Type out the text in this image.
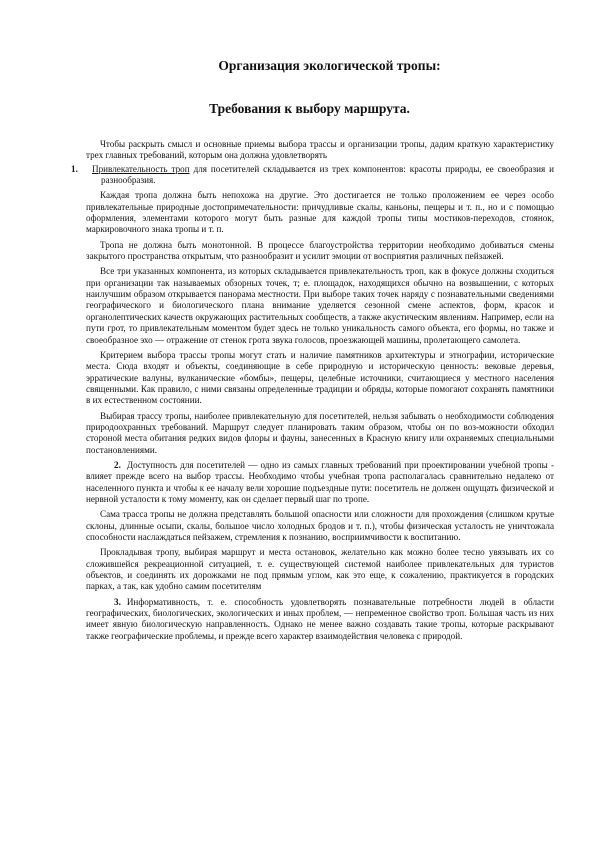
Организация экологической тропы:
Требования к выбору маршрута.

Чтобы раскрыть смысл и основные приемы выбора трассы и организации тропы, дадим краткую характеристику трех главных требований, которым она должна удовлетворять

1. Привлекательность троп для посетителей складывается из трех компонентов: красоты природы, ее своеобразия и разнообразия.

Каждая тропа должна быть непохожа на другие. Это достигается не только проложением ее через особо привлекательные природные достопримечательности: причудливые скалы, каньоны, пещеры и т. п., но и с помощью оформления, элементами которого могут быть разные для каждой тропы типы мостиков-переходов, стоянок, маркировочного знака тропы и т. п.

Тропа не должна быть монотонной. В процессе благоустройства территории необходимо добиваться смены закрытого пространства открытым, что разнообразит и усилит эмоции от восприятия различных пейзажей.

Все три указанных компонента, из которых складывается привлекательность троп, как в фокусе должны сходиться при организации так называемых обзорных точек, т; е. площадок, находящихся обычно на возвышении, с которых наилучшим образом открывается панорама местности. При выборе таких точек наряду с познавательными сведениями географического и биологического плана внимание уделяется сезонной смене аспектов, форм, красок и органолептических качеств окружающих растительных сообществ, а также акустическим явлениям. Например, если на пути грот, то привлекательным моментом будет здесь не только уникальность самого объекта, его формы, но также и своеобразное эхо — отражение от стенок грота звука голосов, проезжающей машины, пролетающего самолета.

Критерием выбора трассы тропы могут стать и наличие памятников архитектуры и этнографии, исторические места. Сюда входят и объекты, соединяющие в себе природную и историческую ценность: вековые деревья, эрратические валуны, вулканические «бомбы», пещеры, целебные источники, считающиеся у местного населения священными. Как правило, с ними связаны определенные традиции и обряды, которые помогают сохранять памятники в их естественном состоянии.

Выбирая трассу тропы, наиболее привлекательную для посетителей, нельзя забывать о необходимости соблюдения природоохранных требований. Маршрут следует планировать таким образом, чтобы он по воз-можности обходил стороной места обитания редких видов флоры и фауны, занесенных в Красную книгу или охраняемых специальными постановлениями.

2. Доступность для посетителей — одно из самых главных требований при проектировании учебной тропы - влияет прежде всего на выбор трассы. Необходимо чтобы учебная тропа располагалась сравнительно недалеко от населенного пункта и чтобы к ее началу вели хорошие подъездные пути: посетитель не должен ощущать физической и нервной усталости к тому моменту, как он сделает первый шаг по тропе.

Сама трасса тропы не должна представлять большой опасности или сложности для прохождения (слишком крутые склоны, длинные осыпи, скалы, большое число холодных бродов и т. п.), чтобы физическая усталость не уничтожала способности наслаждаться пейзажем, стремления к познанию, восприимчивости к воспитанию.

Прокладывая тропу, выбирая маршрут и места остановок, желательно как можно более тесно увязывать их со сложившейся рекреационной ситуацией, т. е. существующей системой наиболее привлекательных для туристов объектов, и соединять их дорожками не под прямым углом, как это еще, к сожалению, практикуется в городских парках, а так, как удобно самим посетителям

3. Информативность, т. е. способность удовлетворять познавательные потребности людей в области географических, биологических, экологических и иных проблем, — непременное свойство троп. Большая часть из них имеет явную биологическую направленность. Однако не менее важно создавать такие тропы, которые раскрывают также географические проблемы, и прежде всего характер взаимодействия человека с природой.
